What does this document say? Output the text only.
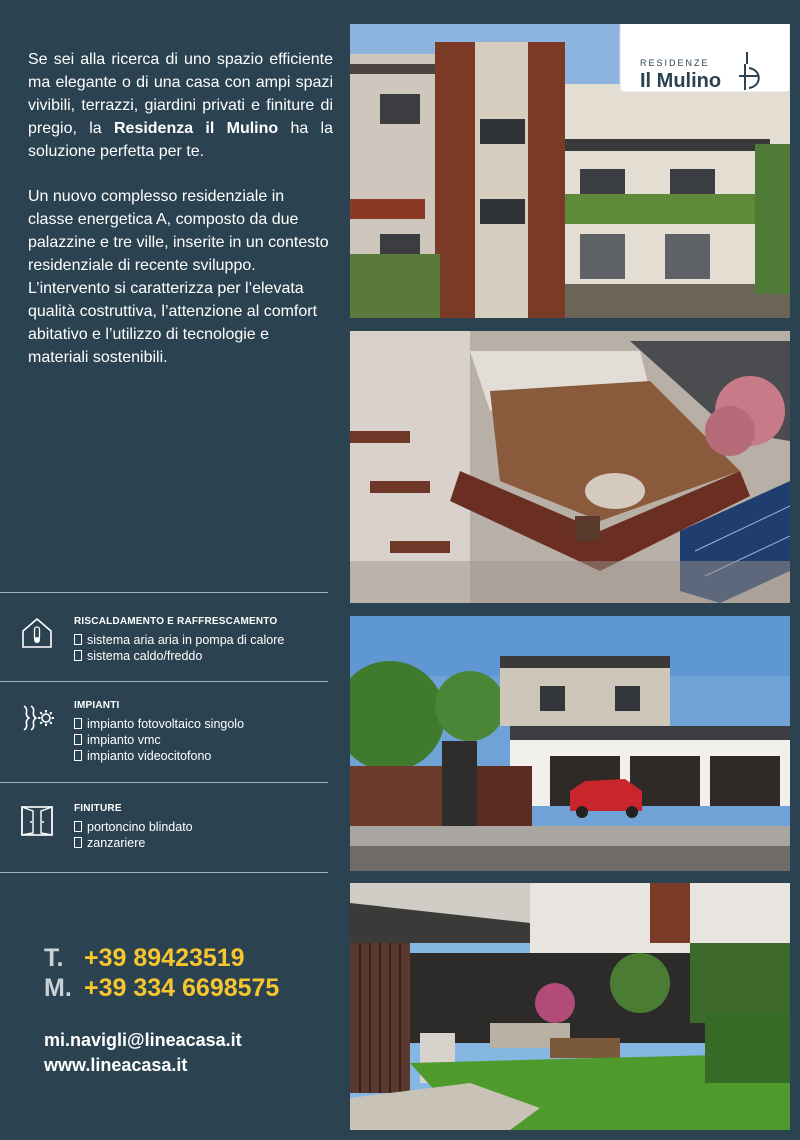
Se sei alla ricerca di uno spazio efficiente ma elegante o di una casa con ampi spazi vivibili, terrazzi, giardini privati e finiture di pregio, la Residenza il Mulino ha la soluzione perfetta per te.

Un nuovo complesso residenziale in classe energetica A, composto da due palazzine e tre ville, inserite in un contesto residenziale di recente sviluppo. L’intervento si caratterizza per l’elevata qualità costruttiva, l’attenzione al comfort abitativo e l’utilizzo di tecnologie e materiali sostenibili.

RISCALDAMENTO E RAFFRESCAMENTO
sistema aria aria in pompa di calore
sistema caldo/freddo
IMPIANTI
impianto fotovoltaico singolo
impianto vmc
impianto videocitofono
FINITURE
portoncino blindato
zanzariere
T. +39 89423519
M. +39 334 6698575
mi.navigli@lineacasa.it
www.lineacasa.it
RESIDENZE
Il Mulino
